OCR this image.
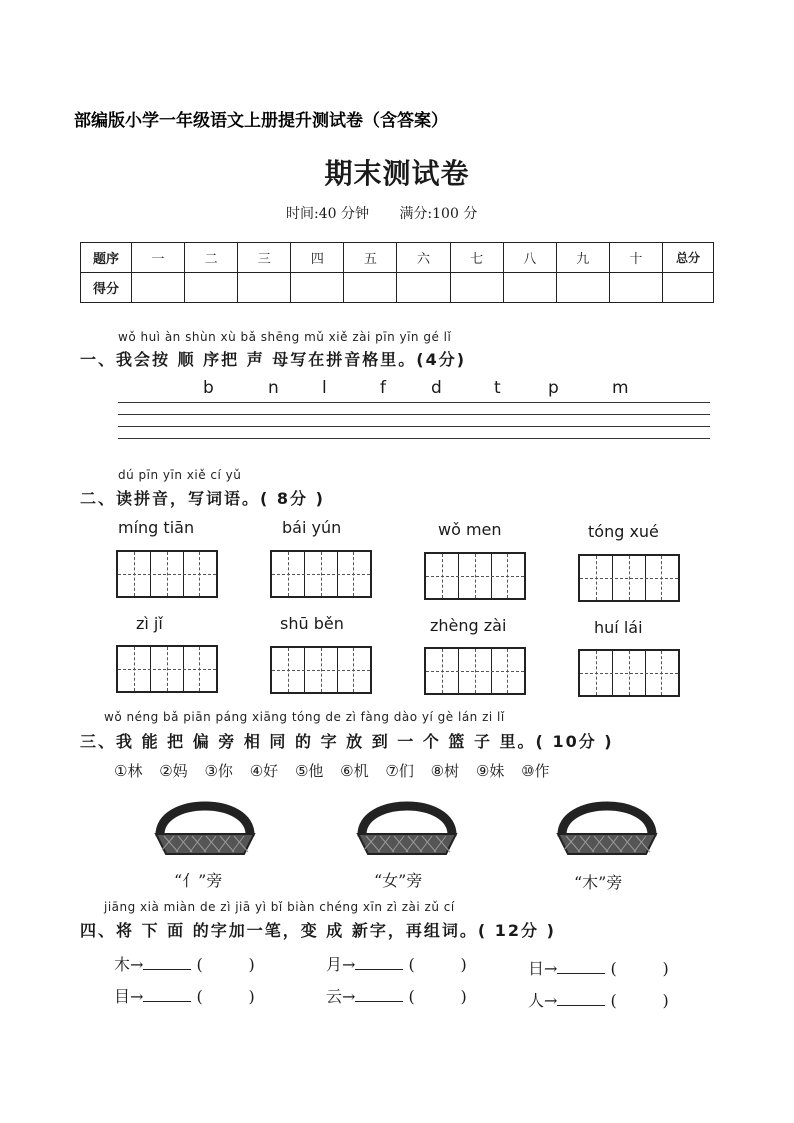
部编版小学一年级语文上册提升测试卷（含答案）
期末测试卷
时间:40 分钟 满分:100 分
题序	一	二	三	四	五	六	七	八	九	十	总分
得分											
wǒ huì àn shùn xù bǎ shēng mǔ xiě zài pīn yīn gé lǐ
一、我会按 顺 序把 声 母写在拼音格里。(4分)
b	n	l	f	d	t	p	m
dú pīn yīn xiě cí yǔ
二、读拼音，写词语。( 8分 )
míng tiān	bái yún	wǒ men	tóng xué
zì jǐ	shū běn	zhèng zài	huí lái
wǒ néng bǎ piān páng xiāng tóng de zì fàng dào yí gè lán zi lǐ
三、我 能 把 偏 旁 相 同 的 字 放 到 一 个 篮 子 里。( 10分 )
①林 ②妈 ③你 ④好 ⑤他 ⑥机 ⑦们 ⑧树 ⑨妹 ⑩作
“亻”旁	“女”旁	“木”旁
jiāng xià miàn de zì jiā yì bǐ biàn chéng xīn zì zài zǔ cí
四、将 下 面 的字加一笔，变 成 新字，再组词。( 12分 )
木→	(         )	月→	(         )	日→	(         )
目→	(         )	云→	(         )	人→	(         )
